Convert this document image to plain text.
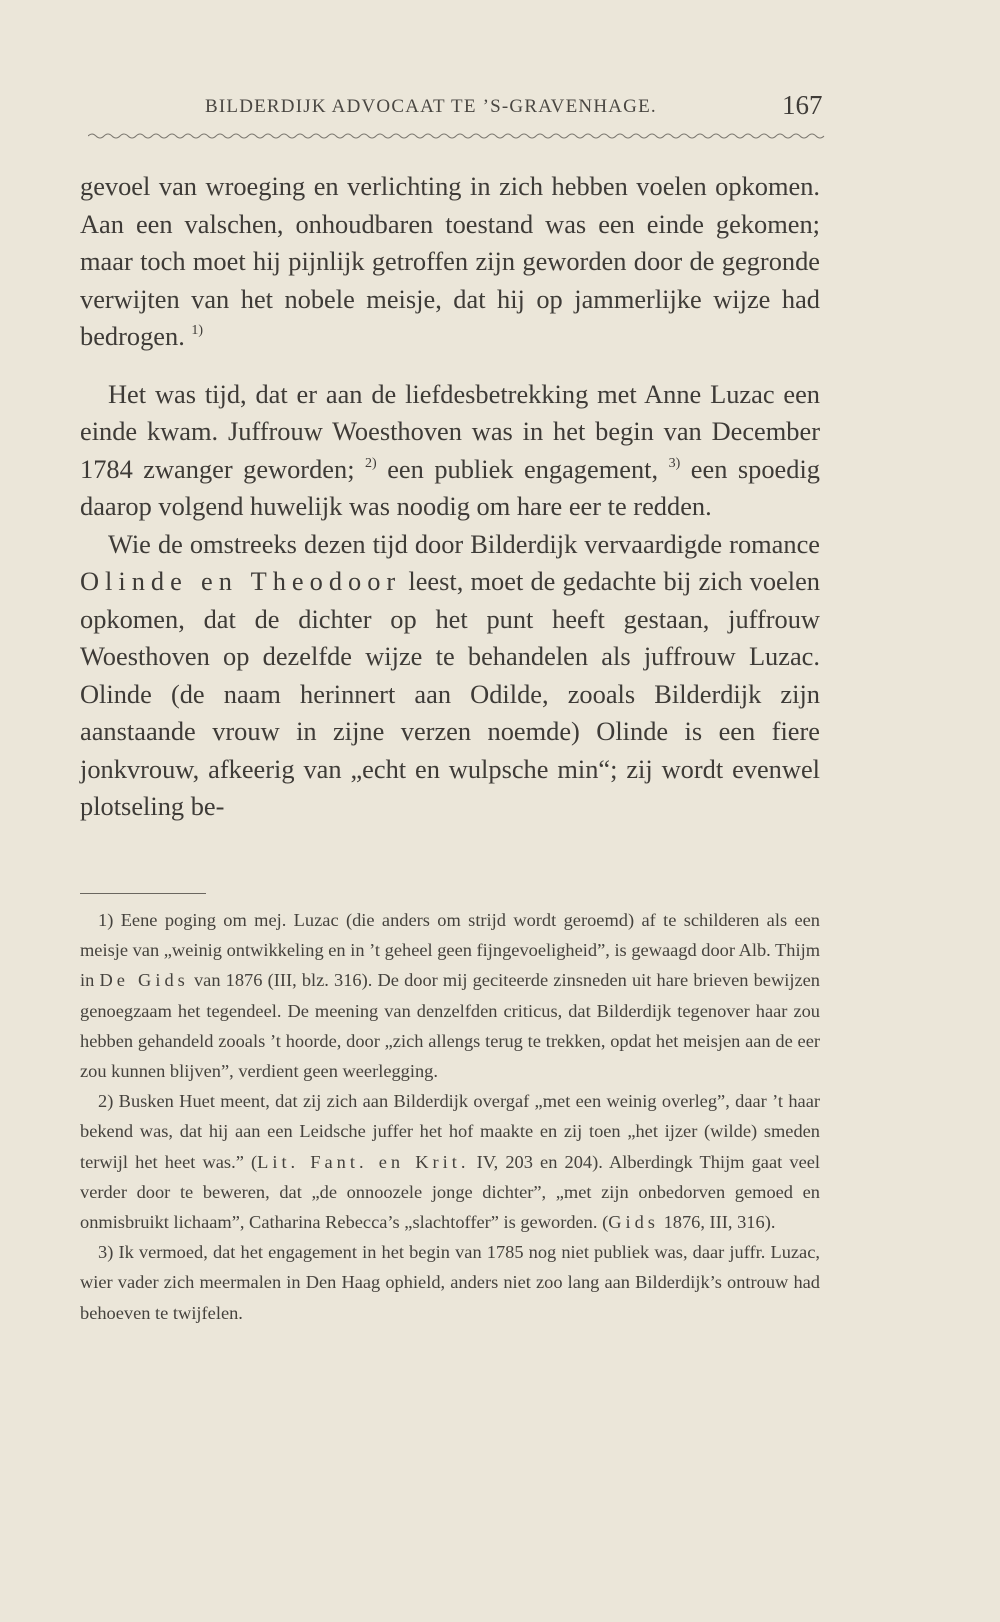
BILDERDIJK ADVOCAAT TE ’S-GRAVENHAGE.	167

gevoel van wroeging en verlichting in zich hebben voelen opkomen. Aan een valschen, onhoudbaren toestand was een einde gekomen; maar toch moet hij pijnlijk getroffen zijn geworden door de gegronde verwijten van het nobele meisje, dat hij op jammerlijke wijze had bedrogen. $^{1)}$

Het was tijd, dat er aan de liefdesbetrekking met Anne Luzac een einde kwam. Juffrouw Woesthoven was in het begin van December 1784 zwanger geworden; $^{2)}$ een publiek engagement, $^{3)}$ een spoedig daarop volgend huwelijk was noodig om hare eer te redden.

Wie de omstreeks dezen tijd door Bilderdijk vervaardigde romance Olinde en Theodoor leest, moet de gedachte bij zich voelen opkomen, dat de dichter op het punt heeft gestaan, juffrouw Woesthoven op dezelfde wijze te behandelen als juffrouw Luzac. Olinde (de naam herinnert aan Odilde, zooals Bilderdijk zijn aanstaande vrouw in zijne verzen noemde) Olinde is een fiere jonkvrouw, afkeerig van „echt en wulpsche min“; zij wordt evenwel plotseling be-

1) Eene poging om mej. Luzac (die anders om strijd wordt geroemd) af te schilderen als een meisje van „weinig ontwikkeling en in ’t geheel geen fijngevoeligheid”, is gewaagd door Alb. Thijm in De Gids van 1876 (III, blz. 316). De door mij geciteerde zinsneden uit hare brieven bewijzen genoegzaam het tegendeel. De meening van denzelfden criticus, dat Bilderdijk tegenover haar zou hebben gehandeld zooals ’t hoorde, door „zich allengs terug te trekken, opdat het meisjen aan de eer zou kunnen blijven”, verdient geen weerlegging.

2) Busken Huet meent, dat zij zich aan Bilderdijk overgaf „met een weinig overleg”, daar ’t haar bekend was, dat hij aan een Leidsche juffer het hof maakte en zij toen „het ijzer (wilde) smeden terwijl het heet was.” (Lit. Fant. en Krit. IV, 203 en 204). Alberdingk Thijm gaat veel verder door te beweren, dat „de onnoozele jonge dichter”, „met zijn onbedorven gemoed en onmisbruikt lichaam”, Catharina Rebecca’s „slachtoffer” is geworden. (Gids 1876, III, 316).

3) Ik vermoed, dat het engagement in het begin van 1785 nog niet publiek was, daar juffr. Luzac, wier vader zich meermalen in Den Haag ophield, anders niet zoo lang aan Bilderdijk’s ontrouw had behoeven te twijfelen.
